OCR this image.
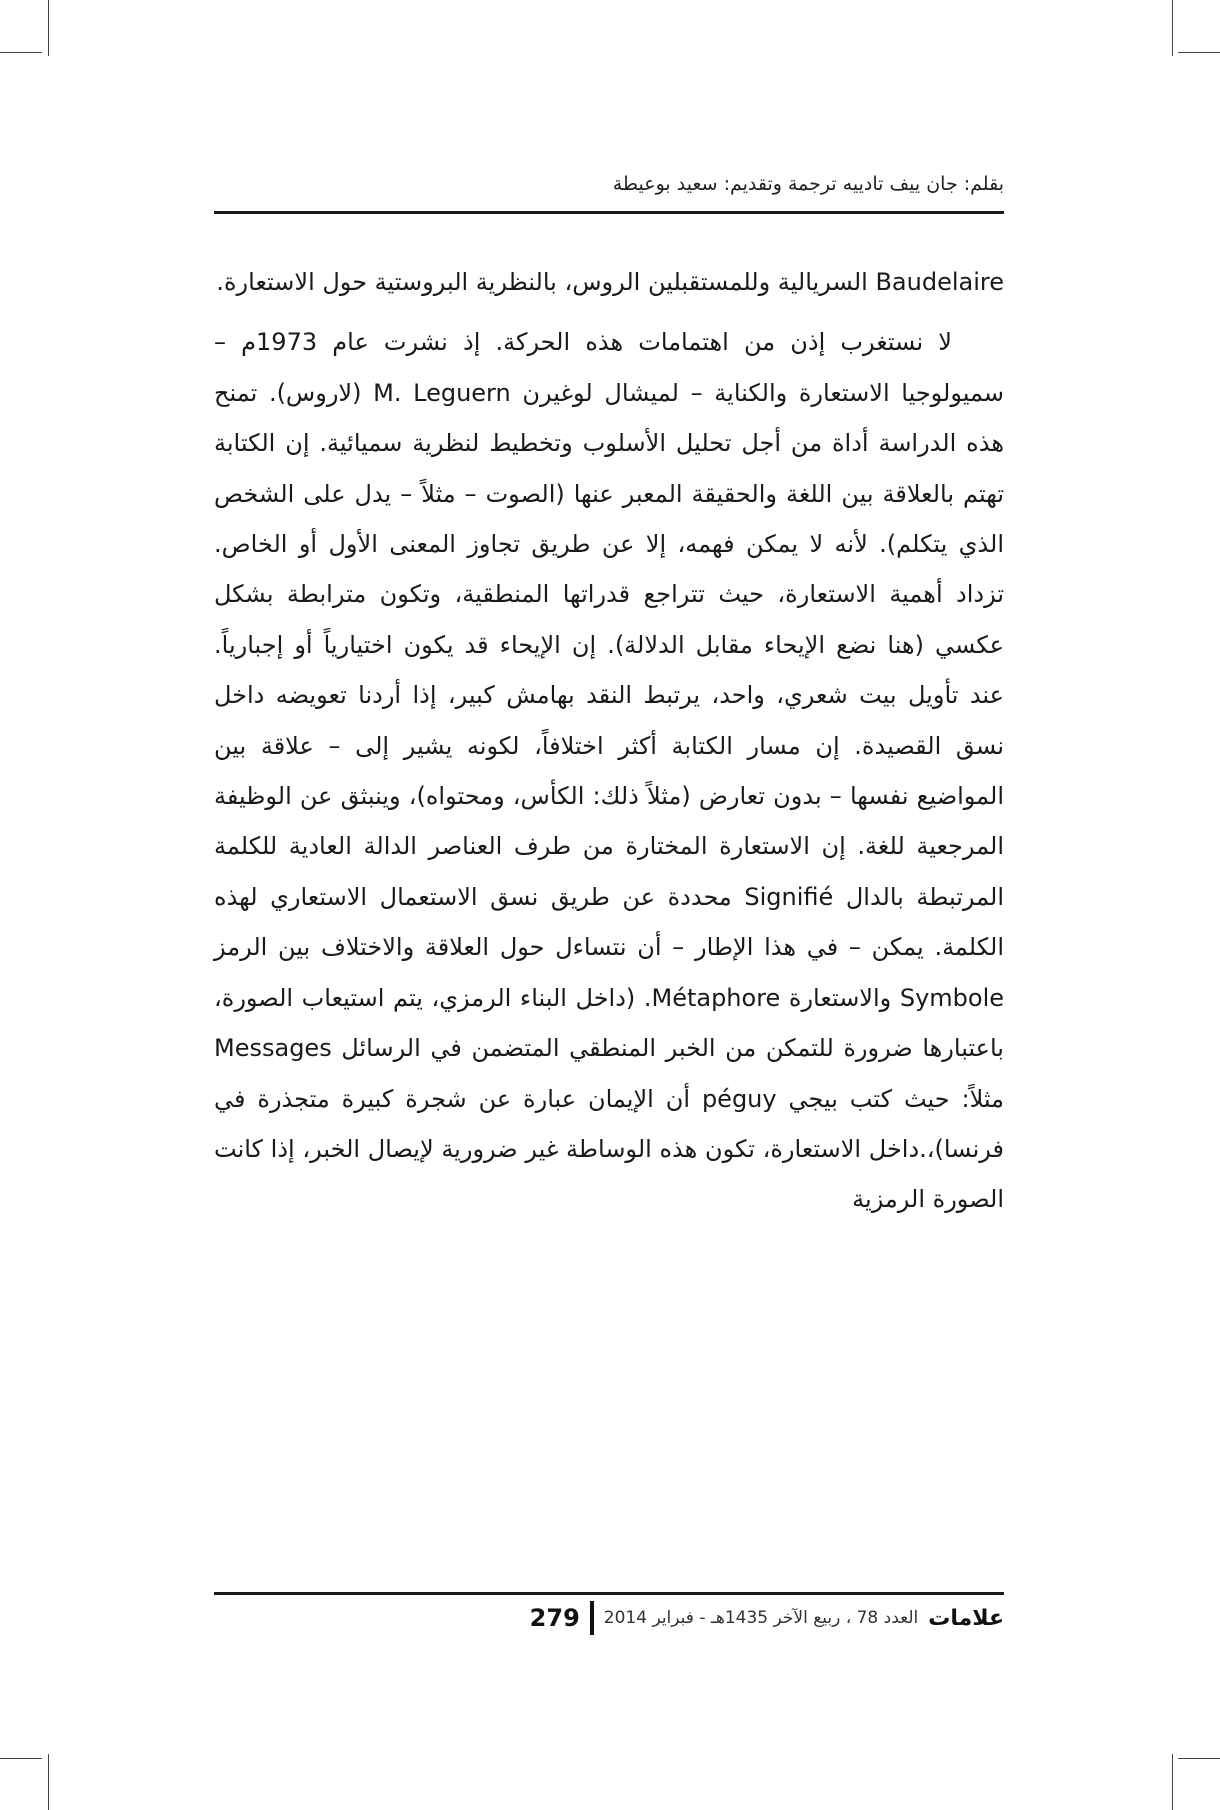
بقلم: جان ييف تادييه ترجمة وتقديم: سعيد بوعيطة

Baudelaire السريالية وللمستقبلين الروس، بالنظرية البروستية حول الاستعارة.

لا نستغرب إذن من اهتمامات هذه الحركة. إذ نشرت عام 1973م – سميولوجيا الاستعارة والكناية – لميشال لوغيرن M. Leguern (لاروس). تمنح هذه الدراسة أداة من أجل تحليل الأسلوب وتخطيط لنظرية سميائية. إن الكتابة تهتم بالعلاقة بين اللغة والحقيقة المعبر عنها (الصوت – مثلاً – يدل على الشخص الذي يتكلم). لأنه لا يمكن فهمه، إلا عن طريق تجاوز المعنى الأول أو الخاص. تزداد أهمية الاستعارة، حيث تتراجع قدراتها المنطقية، وتكون مترابطة بشكل عكسي (هنا نضع الإيحاء مقابل الدلالة). إن الإيحاء قد يكون اختيارياً أو إجبارياً. عند تأويل بيت شعري، واحد، يرتبط النقد بهامش كبير، إذا أردنا تعويضه داخل نسق القصيدة. إن مسار الكتابة أكثر اختلافاً، لكونه يشير إلى – علاقة بين المواضيع نفسها – بدون تعارض (مثلاً ذلك: الكأس، ومحتواه)، وينبثق عن الوظيفة المرجعية للغة. إن الاستعارة المختارة من طرف العناصر الدالة العادية للكلمة المرتبطة بالدال Signifié محددة عن طريق نسق الاستعمال الاستعاري لهذه الكلمة. يمكن – في هذا الإطار – أن نتساءل حول العلاقة والاختلاف بين الرمز Symbole والاستعارة Métaphore. (داخل البناء الرمزي، يتم استيعاب الصورة، باعتبارها ضرورة للتمكن من الخبر المنطقي المتضمن في الرسائل Messages مثلاً: حيث كتب بيجي péguy أن الإيمان عبارة عن شجرة كبيرة متجذرة في فرنسا)،.داخل الاستعارة، تكون هذه الوساطة غير ضرورية لإيصال الخبر، إذا كانت الصورة الرمزية

علامات
العدد 78 ، ربيع الآخر 1435هـ - فبراير 2014
279
